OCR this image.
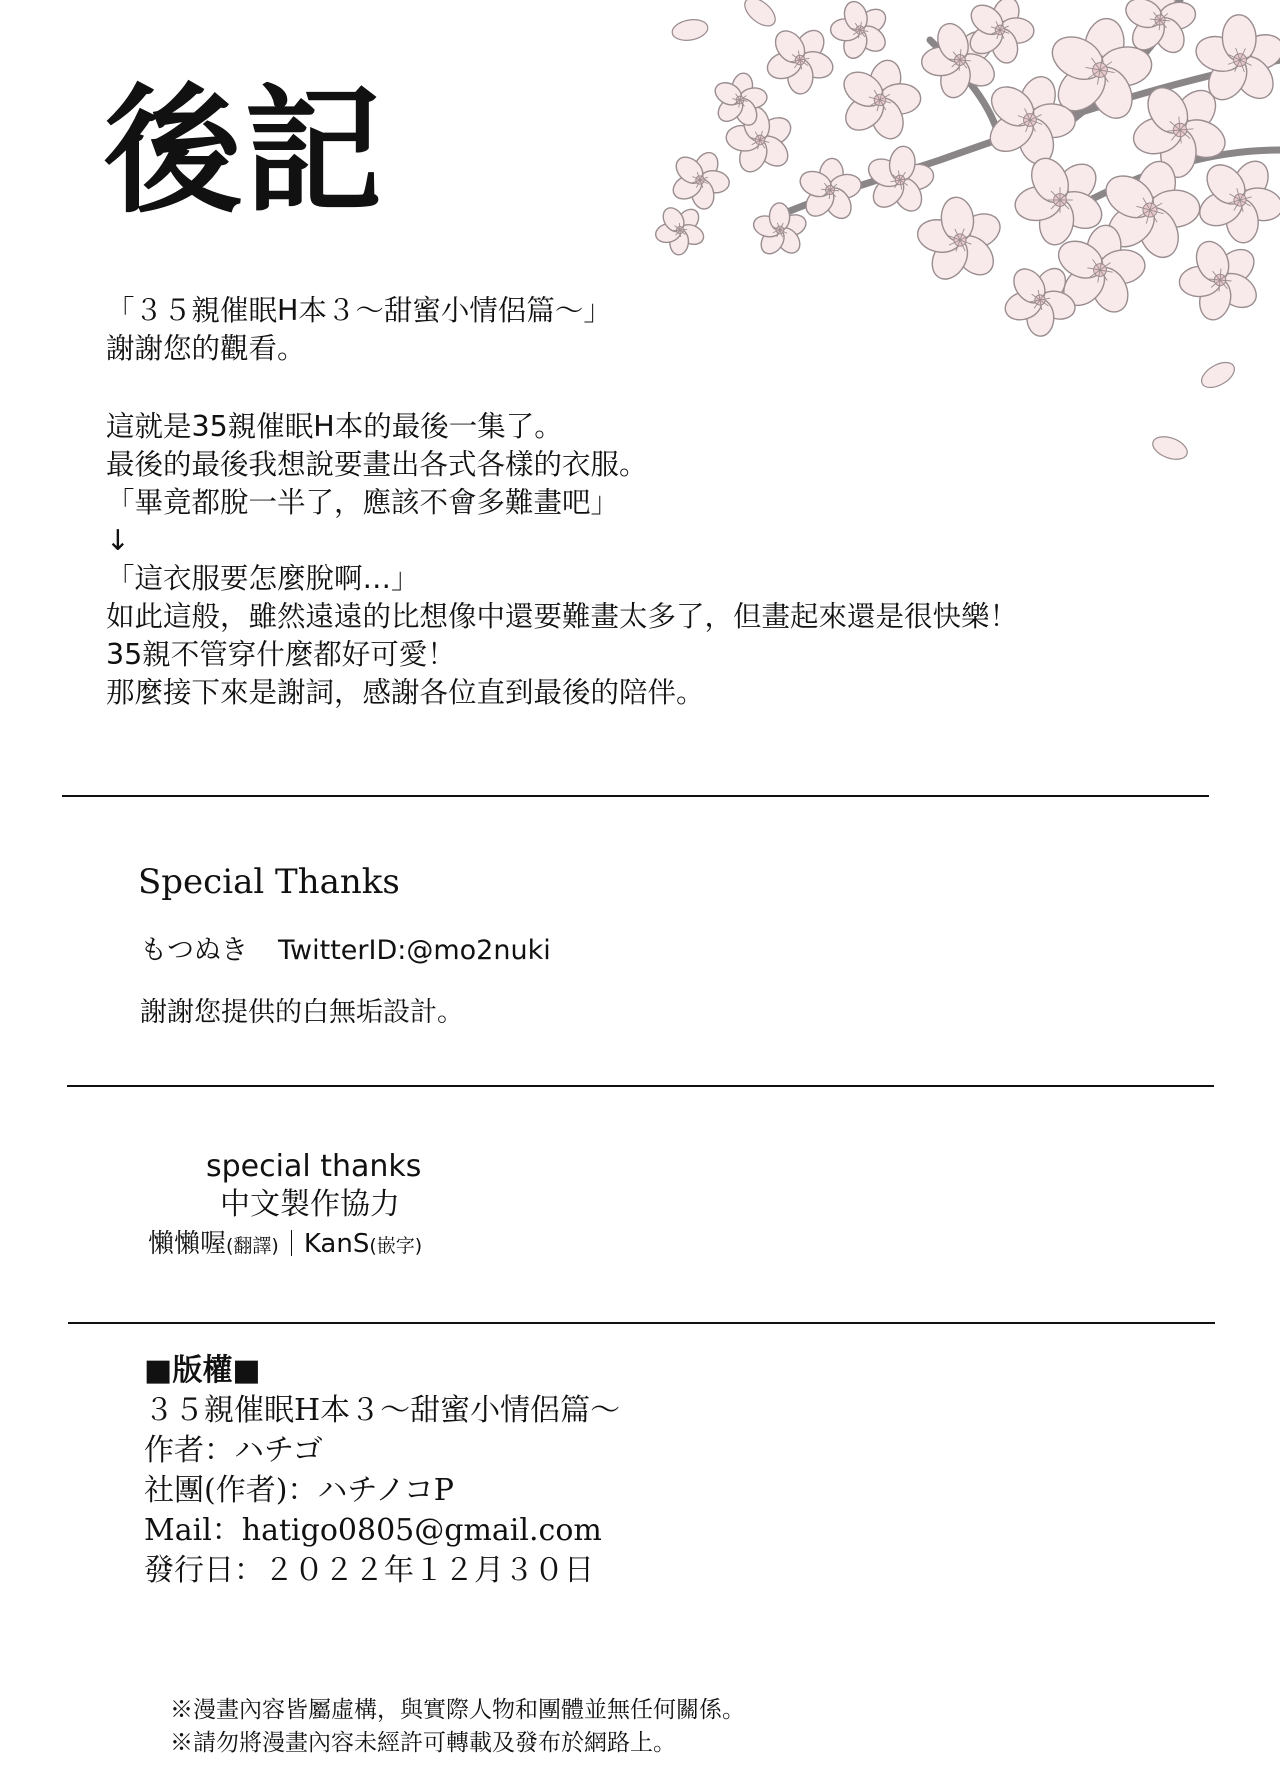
後記
「３５親催眠H本３～甜蜜小情侶篇～」
謝謝您的觀看。
這就是35親催眠H本的最後一集了。
最後的最後我想說要畫出各式各樣的衣服。
「畢竟都脫一半了，應該不會多難畫吧」
↓
「這衣服要怎麼脫啊…」
如此這般，雖然遠遠的比想像中還要難畫太多了，但畫起來還是很快樂！
35親不管穿什麼都好可愛！
那麼接下來是謝詞，感謝各位直到最後的陪伴。
Special Thanks
もつぬき TwitterID:@mo2nuki
謝謝您提供的白無垢設計。
special thanks
中文製作協力
懶懶喔(翻譯) KanS(嵌字)
■版權■
３５親催眠H本３～甜蜜小情侶篇～
作者：ハチゴ
社團(作者)：ハチノコP
Mail：hatigo0805@gmail.com
發行日：２０２２年１２月３０日
※漫畫內容皆屬虛構，與實際人物和團體並無任何關係。
※請勿將漫畫內容未經許可轉載及發布於網路上。
